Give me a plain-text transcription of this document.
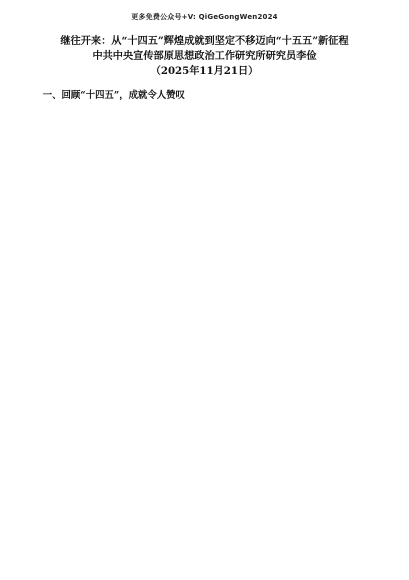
更多免费公众号+V: QiGeGongWen2024
继往开来：从“十四五”辉煌成就到坚定不移迈向“十五五”新征程
中共中央宣传部原思想政治工作研究所研究员李俭
（2025年11月21日）
一、回顾“十四五”，成就令人赞叹
